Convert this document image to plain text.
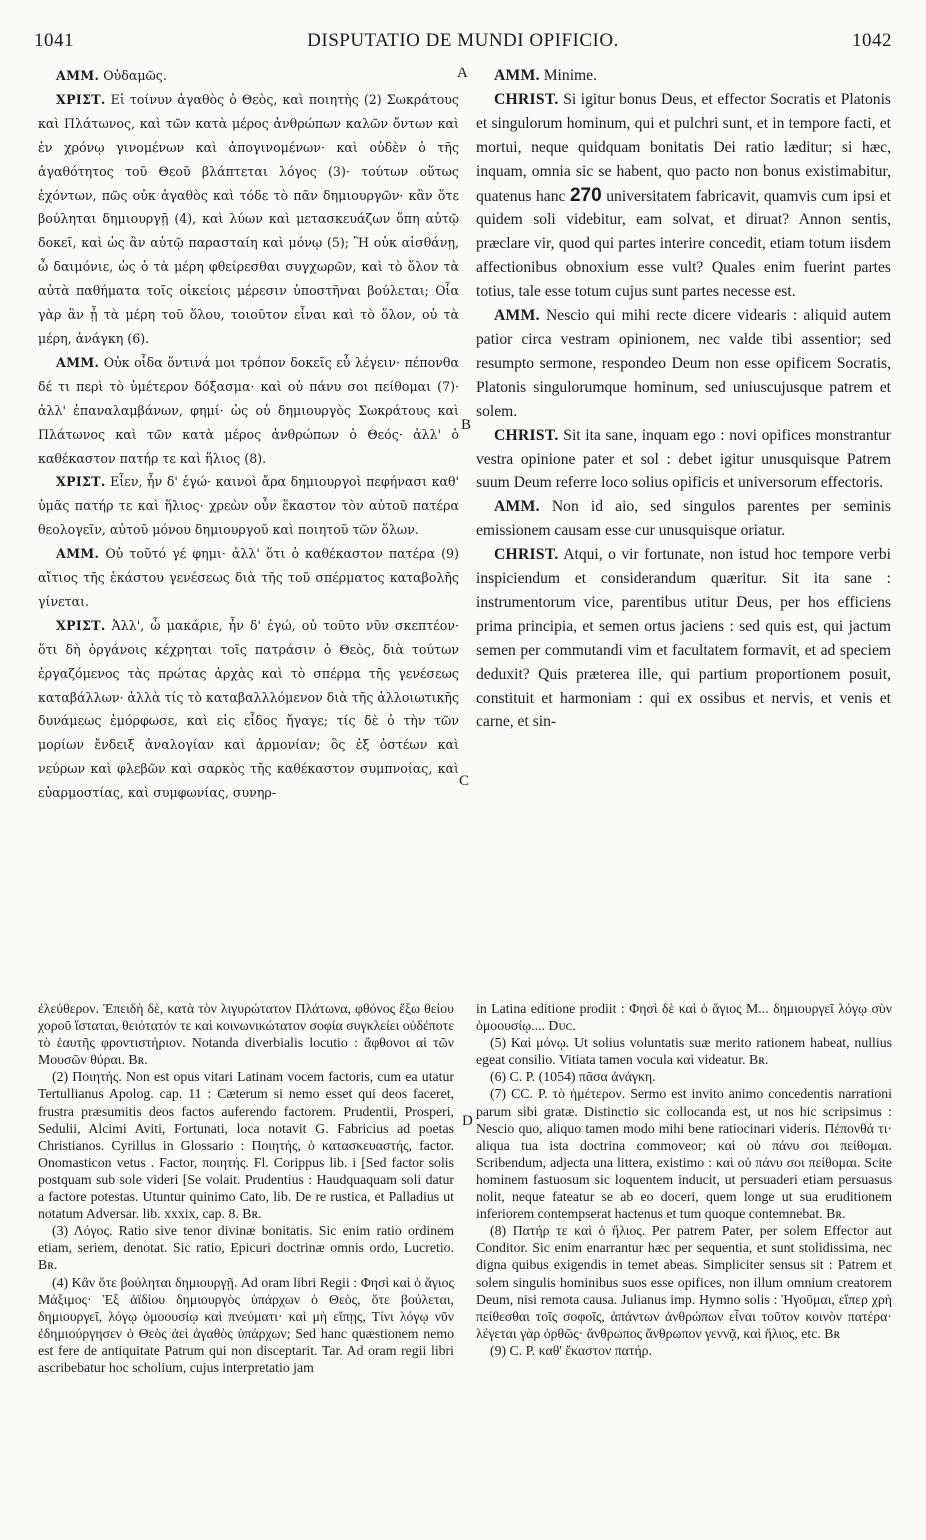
1041	DISPUTATIO DE MUNDI OPIFICIO.	1042
A
B
C
D

ΑΜΜ. Οὐδαμῶς.

ΧΡΙΣΤ. Εἰ τοίνυν ἀγαθὸς ὁ Θεὸς, καὶ ποιητὴς (2) Σωκράτους καὶ Πλάτωνος, καὶ τῶν κατὰ μέρος ἀνθρώπων καλῶν ὄντων καὶ ἐν χρόνῳ γινομένων καὶ ἀπογινομένων· καὶ οὐδὲν ὁ τῆς ἀγαθότητος τοῦ Θεοῦ βλάπτεται λόγος (3)· τούτων οὕτως ἐχόντων, πῶς οὐκ ἀγαθὸς καὶ τόδε τὸ πᾶν δημιουργῶν· κἂν ὅτε βούληται δημιουργῇ (4), καὶ λύων καὶ μετασκευάζων ὅπη αὐτῷ δοκεῖ, καὶ ὡς ἂν αὐτῷ παρασταίη καὶ μόνῳ (5); Ἢ οὐκ αἰσθάνῃ, ὦ δαιμόνιε, ὡς ὁ τὰ μέρη φθείρεσθαι συγχωρῶν, καὶ τὸ ὅλον τὰ αὐτὰ παθήματα τοῖς οἰκείοις μέρεσιν ὑποστῆναι βούλεται; Οἷα γὰρ ἂν ᾖ τὰ μέρη τοῦ ὅλου, τοιοῦτον εἶναι καὶ τὸ ὅλον, οὐ τὰ μέρη, ἀνάγκη (6).

ΑΜΜ. Οὐκ οἶδα ὅντινά μοι τρόπον δοκεῖς εὖ λέγειν· πέπονθα δέ τι περὶ τὸ ὑμέτερον δόξασμα· καὶ οὐ πάνυ σοι πείθομαι (7)· ἀλλ' ἐπαναλαμβάνων, φημί· ὡς οὐ δημιουργὸς Σωκράτους καὶ Πλάτωνος καὶ τῶν κατὰ μέρος ἀνθρώπων ὁ Θεός· ἀλλ' ὁ καθέκαστον πατήρ τε καὶ ἥλιος (8).

ΧΡΙΣΤ. Εἶεν, ἦν δ' ἐγώ· καινοὶ ἄρα δημιουργοὶ πεφήνασι καθ' ὑμᾶς πατήρ τε καὶ ἥλιος· χρεὼν οὖν ἕκαστον τὸν αὐτοῦ πατέρα θεολογεῖν, αὐτοῦ μόνου δημιουργοῦ καὶ ποιητοῦ τῶν ὅλων.

ΑΜΜ. Οὐ τοῦτό γέ φημι· ἀλλ' ὅτι ὁ καθέκαστον πατέρα (9) αἴτιος τῆς ἑκάστου γενέσεως διὰ τῆς τοῦ σπέρματος καταβολῆς γίνεται.

ΧΡΙΣΤ. Ἀλλ', ὦ μακάριε, ἦν δ' ἐγώ, οὐ τοῦτο νῦν σκεπτέον· ὅτι δὴ ὀργάνοις κέχρηται τοῖς πατράσιν ὁ Θεὸς, διὰ τούτων ἐργαζόμενος τὰς πρώτας ἀρχὰς καὶ τὸ σπέρμα τῆς γενέσεως καταβάλλων· ἀλλὰ τίς τὸ καταβαλλλόμενον διὰ τῆς ἀλλοιωτικῆς δυνάμεως ἐμόρφωσε, καὶ εἰς εἶδος ἤγαγε; τίς δὲ ὁ τὴν τῶν μορίων ἔνδειξ ἀναλογίαν καὶ ἁρμονίαν; ὃς ἐξ ὀστέων καὶ νεύρων καὶ φλεβῶν καὶ σαρκὸς τῆς καθέκαστον συμπνοίας, καὶ εὐαρμοστίας, καὶ συμφωνίας, συνηρ-

AMM. Minime.

CHRIST. Si igitur bonus Deus, et effector Socratis et Platonis et singulorum hominum, qui et pulchri sunt, et in tempore facti, et mortui, neque quidquam bonitatis Dei ratio læditur; si hæc, inquam, omnia sic se habent, quo pacto non bonus existimabitur, quatenus hanc 270 universitatem fabricavit, quamvis cum ipsi et quidem soli videbitur, eam solvat, et diruat? Annon sentis, præclare vir, quod qui partes interire concedit, etiam totum iisdem affectionibus obnoxium esse vult? Quales enim fuerint partes totius, tale esse totum cujus sunt partes necesse est.

AMM. Nescio qui mihi recte dicere videaris : aliquid autem patior circa vestram opinionem, nec valde tibi assentior; sed resumpto sermone, respondeo Deum non esse opificem Socratis, Platonis singulorumque hominum, sed uniuscujusque patrem et solem.

CHRIST. Sit ita sane, inquam ego : novi opifices monstrantur vestra opinione pater et sol : debet igitur unusquisque Patrem suum Deum referre loco solius opificis et universorum effectoris.

AMM. Non id aio, sed singulos parentes per seminis emissionem causam esse cur unusquisque oriatur.

CHRIST. Atqui, o vir fortunate, non istud hoc tempore verbi inspiciendum et considerandum quæritur. Sit ita sane : instrumentorum vice, parentibus utitur Deus, per hos efficiens prima principia, et semen ortus jaciens : sed quis est, qui jactum semen per commutandi vim et facultatem formavit, et ad speciem deduxit? Quis præterea ille, qui partium proportionem posuit, constituit et harmoniam : qui ex ossibus et nervis, et venis et carne, et sin-

ἐλεύθερον. Ἐπειδὴ δὲ, κατὰ τὸν λιγυρώτατον Πλάτωνα, φθόνος ἔξω θείου χοροῦ ἵσταται, θειότατόν τε καὶ κοινωνικώτατον σοφία συγκλείει οὐδέποτε τὸ ἑαυτῆς φροντιστήριον. Notanda diverbialis locutio : ἄφθονοι αἱ τῶν Μουσῶν θύραι. Bʀ.

(2) Ποιητής. Non est opus vitari Latinam vocem factoris, cum ea utatur Tertullianus Apolog. cap. 11 : Cæterum si nemo esset qui deos faceret, frustra præsumitis deos factos auferendo factorem. Prudentii, Prosperi, Sedulii, Alcimi Aviti, Fortunati, loca notavit G. Fabricius ad poetas Christianos. Cyrillus in Glossario : Ποιητής, ὁ κατασκευαστής, factor. Onomasticon vetus . Factor, ποιητής. Fl. Corippus lib. i [Sed factor solis postquam sub sole videri [Se volait. Prudentius : Haudquaquam soli datur a factore potestas. Utuntur quinimo Cato, lib. De re rustica, et Palladius ut notatum Adversar. lib. xxxix, cap. 8. Bʀ.

(3) Λόγος. Ratio sive tenor divinæ bonitatis. Sic enim ratio ordinem etiam, seriem, denotat. Sic ratio, Epicuri doctrinæ omnis ordo, Lucretio. Bʀ.

(4) Κἂν ὅτε βούληται δημιουργῇ. Ad oram libri Regii : Φησὶ καὶ ὁ ἅγιος Μάξιμος· Ἐξ ἀϊδίου δημιουργὸς ὑπάρχων ὁ Θεὸς, ὅτε βούλεται, δημιουργεῖ, λόγῳ ὁμοουσίῳ καὶ πνεύματι· καὶ μὴ εἴπῃς, Τίνι λόγῳ νῦν ἐδημιούργησεν ὁ Θεὸς ἀεὶ ἀγαθὸς ὑπάρχων; Sed hanc quæstionem nemo est fere de antiquitate Patrum qui non disceptarit. Tar. Ad oram regii libri ascribebatur hoc scholium, cujus interpretatio jam

in Latina editione prodiit : Φησὶ δὲ καὶ ὁ ἅγιος Μ... δημιουργεῖ λόγῳ σὺν ὁμοουσίῳ.... Dᴜᴄ.

(5) Καὶ μόνῳ. Ut solius voluntatis suæ merito rationem habeat, nullius egeat consilio. Vitiata tamen vocula καὶ videatur. Bʀ.

(6) C. P. (1054) πᾶσα ἀνάγκη.

(7) CC. P. τὸ ἡμέτερον. Sermo est invito animo concedentis narrationi parum sibi gratæ. Distinctio sic collocanda est, ut nos hic scripsimus : Nescio quo, aliquo tamen modo mihi bene ratiocinari videris. Πέπονθά τι· aliqua tua ista doctrina commoveor; καὶ οὐ πάνυ σοι πείθομαι. Scribendum, adjecta una littera, existimo : καὶ οὐ πάνυ σοι πείθομαι. Scite hominem fastuosum sic loquentem inducit, ut persuaderi etiam persuasus nolit, neque fateatur se ab eo doceri, quem longe ut sua eruditionem inferiorem contempserat hactenus et tum quoque contemnebat. Bʀ.

(8) Πατήρ τε καὶ ὁ ἥλιος. Per patrem Pater, per solem Effector aut Conditor. Sic enim enarrantur hæc per sequentia, et sunt stolidissima, nec digna quibus exigendis in temet abeas. Simpliciter sensus sit : Patrem et solem singulis hominibus suos esse opifices, non illum omnium creatorem Deum, nisi remota causa. Julianus imp. Hymno solis : Ἡγοῦμαι, εἴπερ χρὴ πείθεσθαι τοῖς σοφοῖς, ἁπάντων ἀνθρώπων εἶναι τοῦτον κοινὸν πατέρα· λέγεται γὰρ ὀρθῶς· ἄνθρωπος ἄνθρωπον γεννᾷ, καὶ ἥλιος, etc. Bʀ

(9) C. P. καθ' ἕκαστον πατήρ.
